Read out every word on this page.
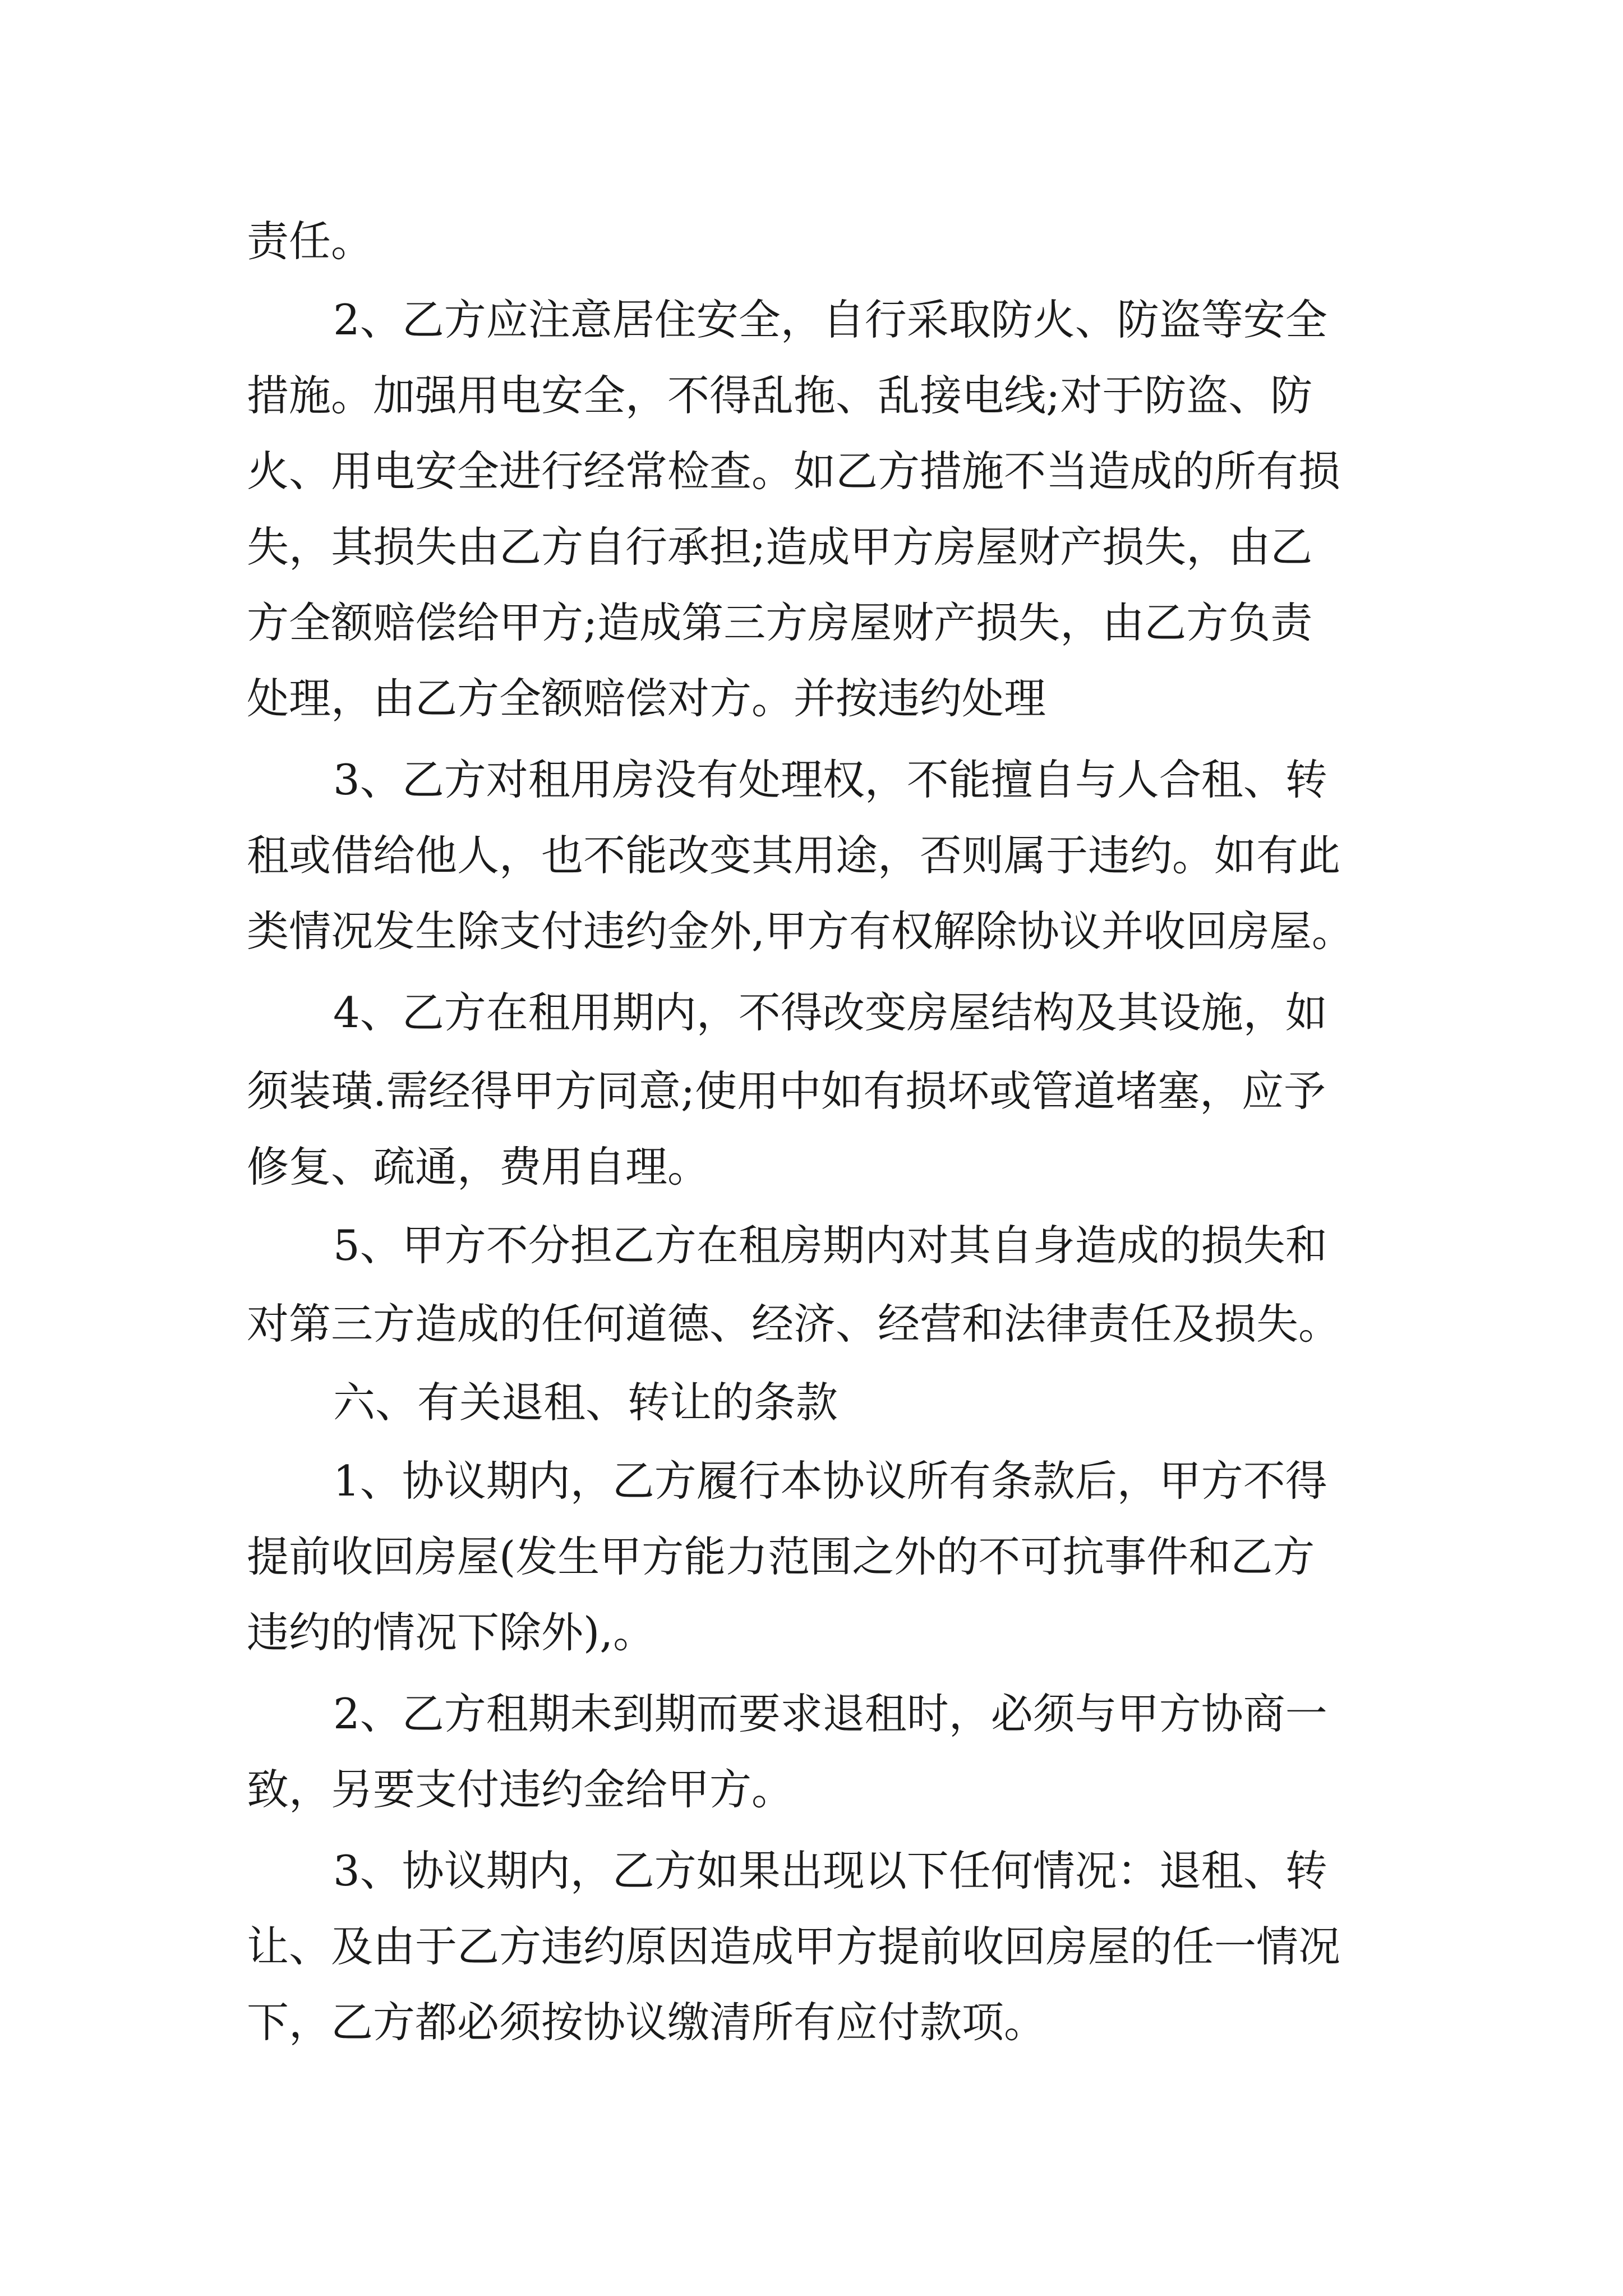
责任。

2、乙方应注意居住安全，自行采取防火、防盗等安全

措施。加强用电安全，不得乱拖、乱接电线;对于防盗、防

火、用电安全进行经常检查。如乙方措施不当造成的所有损

失，其损失由乙方自行承担;造成甲方房屋财产损失，由乙

方全额赔偿给甲方;造成第三方房屋财产损失，由乙方负责

处理，由乙方全额赔偿对方。并按违约处理

3、乙方对租用房没有处理权，不能擅自与人合租、转

租或借给他人，也不能改变其用途，否则属于违约。如有此

类情况发生除支付违约金外,甲方有权解除协议并收回房屋。

4、乙方在租用期内，不得改变房屋结构及其设施，如

须装璜.需经得甲方同意;使用中如有损坏或管道堵塞，应予

修复、疏通，费用自理。

5、甲方不分担乙方在租房期内对其自身造成的损失和

对第三方造成的任何道德、经济、经营和法律责任及损失。

六、有关退租、转让的条款

1、协议期内，乙方履行本协议所有条款后，甲方不得

提前收回房屋(发生甲方能力范围之外的不可抗事件和乙方

违约的情况下除外),。

2、乙方租期未到期而要求退租时，必须与甲方协商一

致，另要支付违约金给甲方。

3、协议期内，乙方如果出现以下任何情况：退租、转

让、及由于乙方违约原因造成甲方提前收回房屋的任一情况

下，乙方都必须按协议缴清所有应付款项。
